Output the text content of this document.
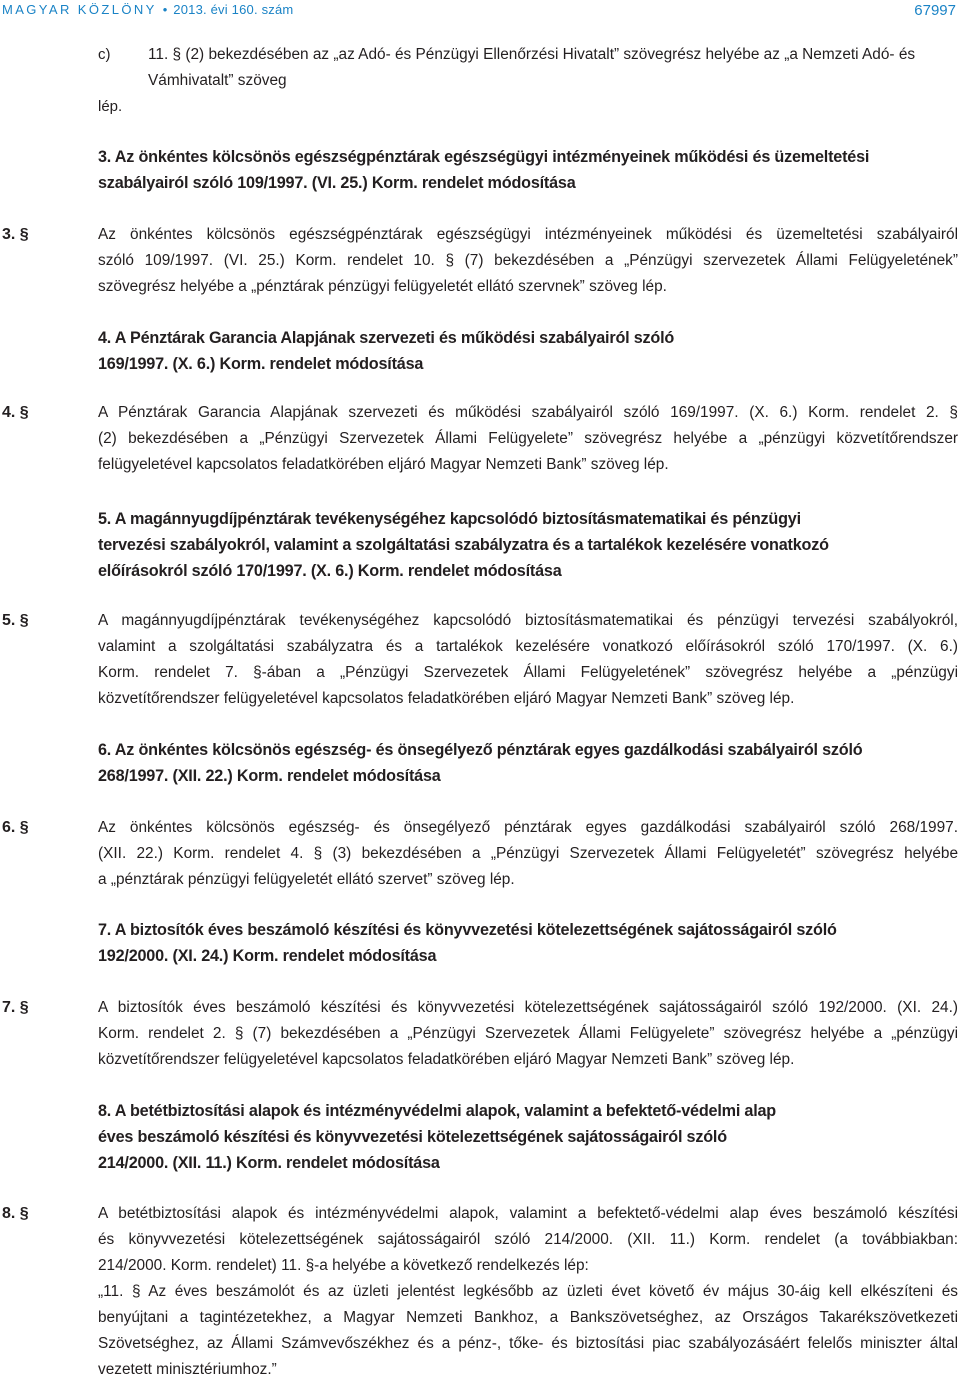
MAGYAR KÖZLÖNY • 2013. évi 160. szám	67997
c) 11. § (2) bekezdésében az „az Adó- és Pénzügyi Ellenőrzési Hivatalt” szövegrész helyébe az „a Nemzeti Adó- és
Vámhivatalt” szöveg
lép.
3. Az önkéntes kölcsönös egészségpénztárak egészségügyi intézményeinek működési és üzemeltetési
szabályairól szóló 109/1997. (VI. 25.) Korm. rendelet módosítása
3. §	Az önkéntes kölcsönös egészségpénztárak egészségügyi intézményeinek működési és üzemeltetési szabályairól
szóló 109/1997. (VI. 25.) Korm. rendelet 10. § (7) bekezdésében a „Pénzügyi szervezetek Állami Felügyeletének”
szövegrész helyébe a „pénztárak pénzügyi felügyeletét ellátó szervnek” szöveg lép.
4. A Pénztárak Garancia Alapjának szervezeti és működési szabályairól szóló
169/1997. (X. 6.) Korm. rendelet módosítása
4. §	A Pénztárak Garancia Alapjának szervezeti és működési szabályairól szóló 169/1997. (X. 6.) Korm. rendelet 2. §
(2) bekezdésében a „Pénzügyi Szervezetek Állami Felügyelete” szövegrész helyébe a „pénzügyi közvetítőrendszer
felügyeletével kapcsolatos feladatkörében eljáró Magyar Nemzeti Bank” szöveg lép.
5. A magánnyugdíjpénztárak tevékenységéhez kapcsolódó biztosításmatematikai és pénzügyi
tervezési szabályokról, valamint a szolgáltatási szabályzatra és a tartalékok kezelésére vonatkozó
előírásokról szóló 170/1997. (X. 6.) Korm. rendelet módosítása
5. §	A magánnyugdíjpénztárak tevékenységéhez kapcsolódó biztosításmatematikai és pénzügyi tervezési szabályokról,
valamint a szolgáltatási szabályzatra és a tartalékok kezelésére vonatkozó előírásokról szóló 170/1997. (X. 6.)
Korm. rendelet 7. §-ában a „Pénzügyi Szervezetek Állami Felügyeletének” szövegrész helyébe a „pénzügyi
közvetítőrendszer felügyeletével kapcsolatos feladatkörében eljáró Magyar Nemzeti Bank” szöveg lép.
6. Az önkéntes kölcsönös egészség- és önsegélyező pénztárak egyes gazdálkodási szabályairól szóló
268/1997. (XII. 22.) Korm. rendelet módosítása
6. §	Az önkéntes kölcsönös egészség- és önsegélyező pénztárak egyes gazdálkodási szabályairól szóló 268/1997.
(XII. 22.) Korm. rendelet 4. § (3) bekezdésében a „Pénzügyi Szervezetek Állami Felügyeletét” szövegrész helyébe
a „pénztárak pénzügyi felügyeletét ellátó szervet” szöveg lép.
7. A biztosítók éves beszámoló készítési és könyvvezetési kötelezettségének sajátosságairól szóló
192/2000. (XI. 24.) Korm. rendelet módosítása
7. §	A biztosítók éves beszámoló készítési és könyvvezetési kötelezettségének sajátosságairól szóló 192/2000. (XI. 24.)
Korm. rendelet 2. § (7) bekezdésében a „Pénzügyi Szervezetek Állami Felügyelete” szövegrész helyébe a „pénzügyi
közvetítőrendszer felügyeletével kapcsolatos feladatkörében eljáró Magyar Nemzeti Bank” szöveg lép.
8. A betétbiztosítási alapok és intézményvédelmi alapok, valamint a befektető-védelmi alap
éves beszámoló készítési és könyvvezetési kötelezettségének sajátosságairól szóló
214/2000. (XII. 11.) Korm. rendelet módosítása
8. §	A betétbiztosítási alapok és intézményvédelmi alapok, valamint a befektető-védelmi alap éves beszámoló készítési
és könyvvezetési kötelezettségének sajátosságairól szóló 214/2000. (XII. 11.) Korm. rendelet (a továbbiakban:
214/2000. Korm. rendelet) 11. §-a helyébe a következő rendelkezés lép:
„11. § Az éves beszámolót és az üzleti jelentést legkésőbb az üzleti évet követő év május 30-áig kell elkészíteni és
benyújtani a tagintézetekhez, a Magyar Nemzeti Bankhoz, a Bankszövetséghez, az Országos Takarékszövetkezeti
Szövetséghez, az Állami Számvevőszékhez és a pénz-, tőke- és biztosítási piac szabályozásáért felelős miniszter által
vezetett minisztériumhoz.”
